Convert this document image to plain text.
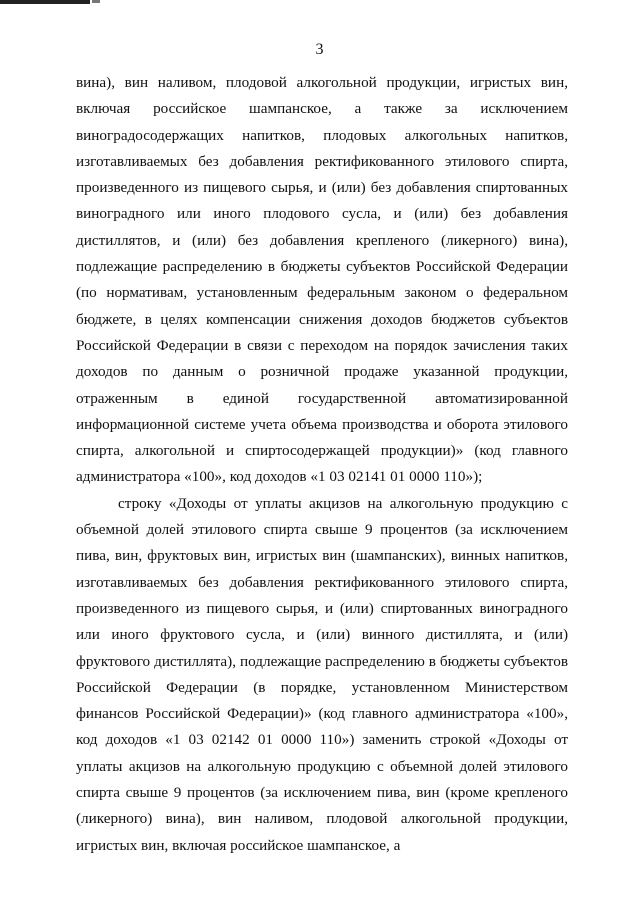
3

вина), вин наливом, плодовой алкогольной продукции, игристых вин, включая российское шампанское, а также за исключением виноградосодержащих напитков, плодовых алкогольных напитков, изготавливаемых без добавления ректификованного этилового спирта, произведенного из пищевого сырья, и (или) без добавления спиртованных виноградного или иного плодового сусла, и (или) без добавления дистиллятов, и (или) без добавления крепленого (ликерного) вина), подлежащие распределению в бюджеты субъектов Российской Федерации (по нормативам, установленным федеральным законом о федеральном бюджете, в целях компенсации снижения доходов бюджетов субъектов Российской Федерации в связи с переходом на порядок зачисления таких доходов по данным о розничной продаже указанной продукции, отраженным в единой государственной автоматизированной информационной системе учета объема производства и оборота этилового спирта, алкогольной и спиртосодержащей продукции)» (код главного администратора «100», код доходов «1 03 02141 01 0000 110»);

строку «Доходы от уплаты акцизов на алкогольную продукцию с объемной долей этилового спирта свыше 9 процентов (за исключением пива, вин, фруктовых вин, игристых вин (шампанских), винных напитков, изготавливаемых без добавления ректификованного этилового спирта, произведенного из пищевого сырья, и (или) спиртованных виноградного или иного фруктового сусла, и (или) винного дистиллята, и (или) фруктового дистиллята), подлежащие распределению в бюджеты субъектов Российской Федерации (в порядке, установленном Министерством финансов Российской Федерации)» (код главного администратора «100», код доходов «1 03 02142 01 0000 110») заменить строкой «Доходы от уплаты акцизов на алкогольную продукцию с объемной долей этилового спирта свыше 9 процентов (за исключением пива, вин (кроме крепленого (ликерного) вина), вин наливом, плодовой алкогольной продукции, игристых вин, включая российское шампанское, а
